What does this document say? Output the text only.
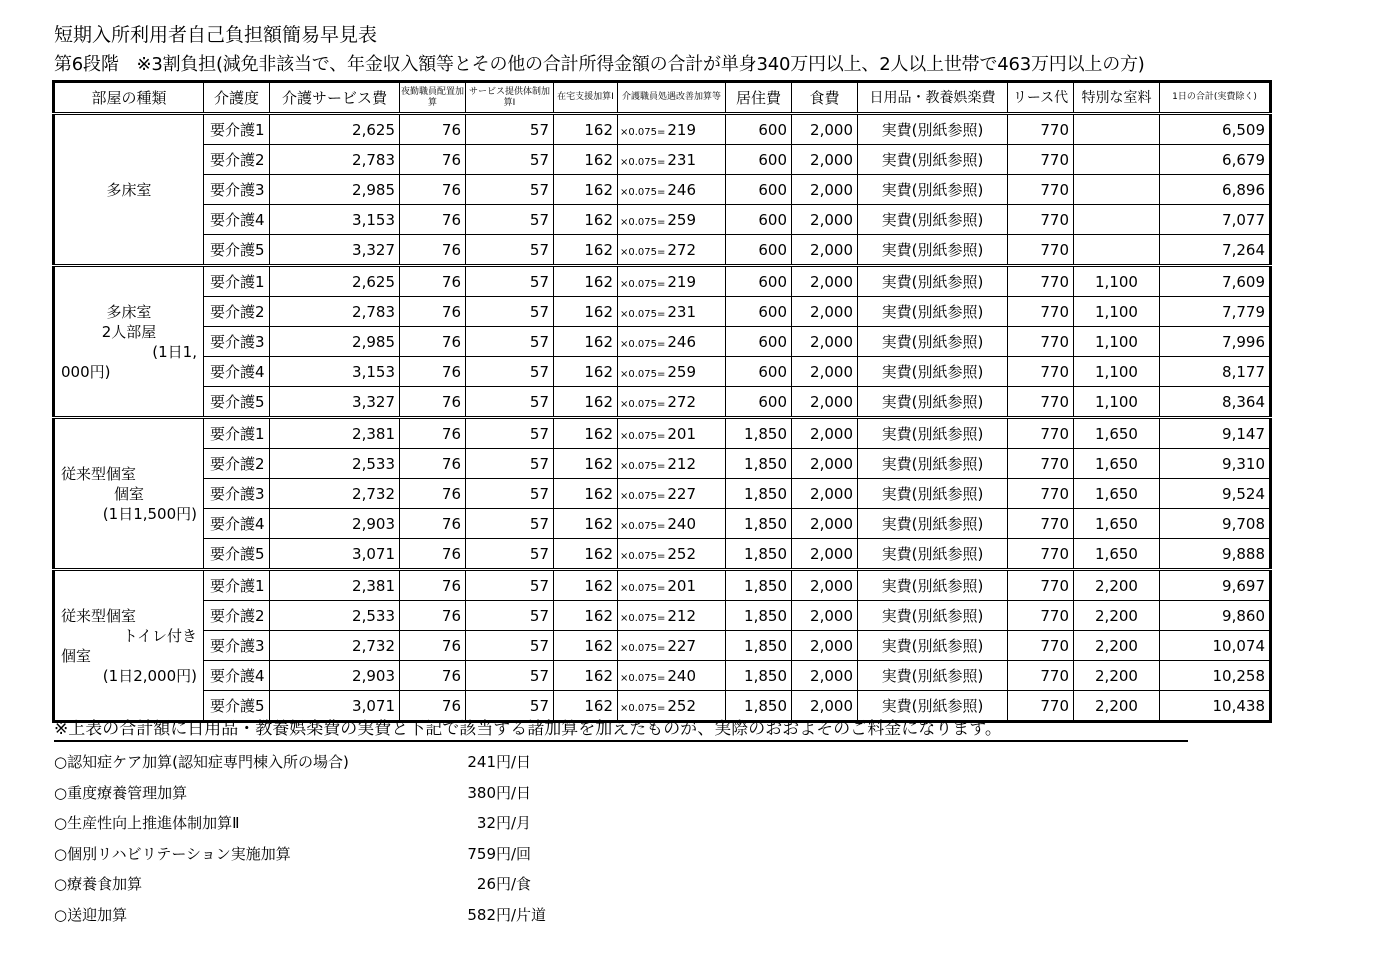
短期入所利用者自己負担額簡易早見表
第6段階　※3割負担(減免非該当で、年金収入額等とその他の合計所得金額の合計が単身340万円以上、2人以上世帯で463万円以上の方)
部屋の種類	介護度	介護サービス費	夜勤職員配置加算	サービス提供体制加算Ⅰ	在宅支援加算Ⅰ	介護職員処遇改善加算等	居住費	食費	日用品・教養娯楽費	リース代	特別な室料	1日の合計(実費除く)

多床室	要介護1	2,625	76	57	162	×0.075= 219	600	2,000	実費(別紙参照)	770		6,509
	要介護2	2,783	76	57	162	×0.075= 231	600	2,000	実費(別紙参照)	770		6,679
	要介護3	2,985	76	57	162	×0.075= 246	600	2,000	実費(別紙参照)	770		6,896
	要介護4	3,153	76	57	162	×0.075= 259	600	2,000	実費(別紙参照)	770		7,077
	要介護5	3,327	76	57	162	×0.075= 272	600	2,000	実費(別紙参照)	770		7,264

多床室
2人部屋
(1日1,
000円)	要介護1	2,625	76	57	162	×0.075= 219	600	2,000	実費(別紙参照)	770	1,100	7,609
	要介護2	2,783	76	57	162	×0.075= 231	600	2,000	実費(別紙参照)	770	1,100	7,779
	要介護3	2,985	76	57	162	×0.075= 246	600	2,000	実費(別紙参照)	770	1,100	7,996
	要介護4	3,153	76	57	162	×0.075= 259	600	2,000	実費(別紙参照)	770	1,100	8,177
	要介護5	3,327	76	57	162	×0.075= 272	600	2,000	実費(別紙参照)	770	1,100	8,364

従来型個室
個室
(1日1,500円)	要介護1	2,381	76	57	162	×0.075= 201	1,850	2,000	実費(別紙参照)	770	1,650	9,147
	要介護2	2,533	76	57	162	×0.075= 212	1,850	2,000	実費(別紙参照)	770	1,650	9,310
	要介護3	2,732	76	57	162	×0.075= 227	1,850	2,000	実費(別紙参照)	770	1,650	9,524
	要介護4	2,903	76	57	162	×0.075= 240	1,850	2,000	実費(別紙参照)	770	1,650	9,708
	要介護5	3,071	76	57	162	×0.075= 252	1,850	2,000	実費(別紙参照)	770	1,650	9,888

従来型個室
トイレ付き
個室
(1日2,000円)	要介護1	2,381	76	57	162	×0.075= 201	1,850	2,000	実費(別紙参照)	770	2,200	9,697
	要介護2	2,533	76	57	162	×0.075= 212	1,850	2,000	実費(別紙参照)	770	2,200	9,860
	要介護3	2,732	76	57	162	×0.075= 227	1,850	2,000	実費(別紙参照)	770	2,200	10,074
	要介護4	2,903	76	57	162	×0.075= 240	1,850	2,000	実費(別紙参照)	770	2,200	10,258
	要介護5	3,071	76	57	162	×0.075= 252	1,850	2,000	実費(別紙参照)	770	2,200	10,438
※上表の合計額に日用品・教養娯楽費の実費と下記で該当する諸加算を加えたものが、実際のおおよそのご料金になります。
○認知症ケア加算(認知症専門棟入所の場合)	241円/日
○重度療養管理加算	380円/日
○生産性向上推進体制加算Ⅱ	32円/月
○個別リハビリテーション実施加算	759円/回
○療養食加算	26円/食
○送迎加算	582円/片道
